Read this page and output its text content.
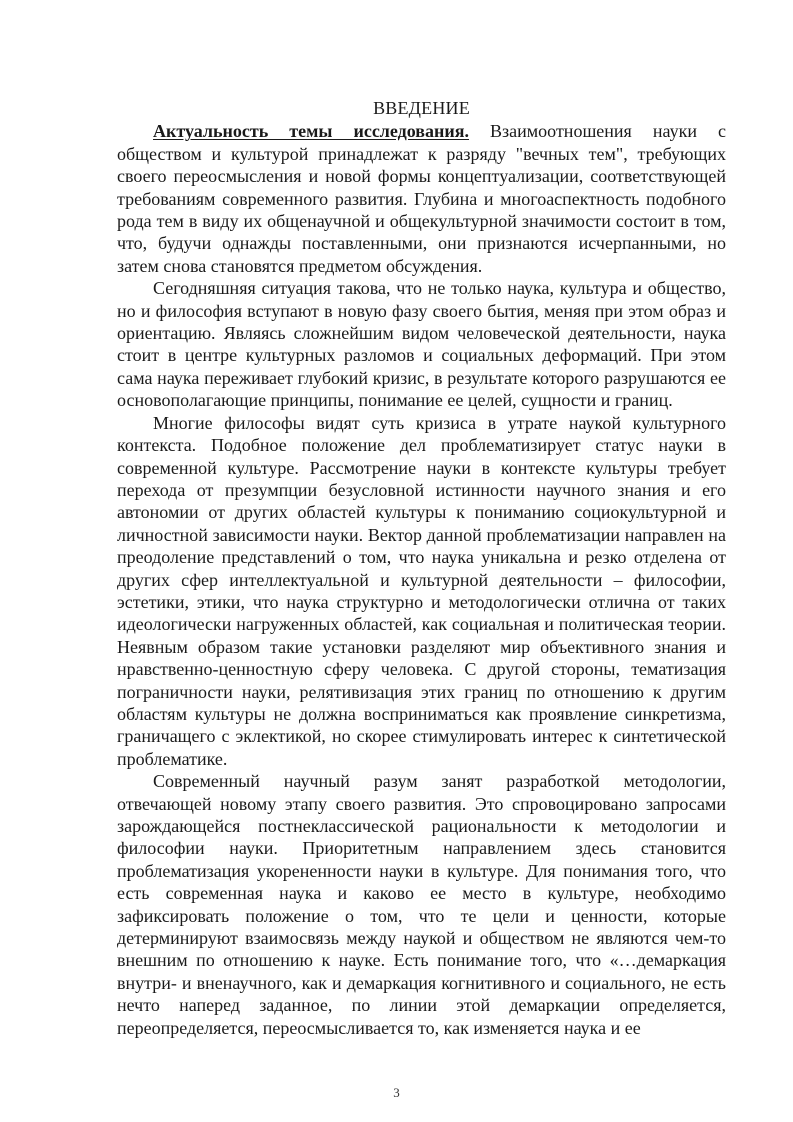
ВВЕДЕНИЕ

Актуальность темы исследования. Взаимоотношения науки с обществом и культурой принадлежат к разряду "вечных тем", требующих своего переосмысления и новой формы концептуализации, соответствующей требованиям современного развития. Глубина и многоаспектность подобного рода тем в виду их общенаучной и общекультурной значимости состоит в том, что, будучи однажды поставленными, они признаются исчерпанными, но затем снова становятся предметом обсуждения.

Сегодняшняя ситуация такова, что не только наука, культура и общество, но и философия вступают в новую фазу своего бытия, меняя при этом образ и ориентацию. Являясь сложнейшим видом человеческой деятельности, наука стоит в центре культурных разломов и социальных деформаций. При этом сама наука переживает глубокий кризис, в результате которого разрушаются ее основополагающие принципы, понимание ее целей, сущности и границ.

Многие философы видят суть кризиса в утрате наукой культурного контекста. Подобное положение дел проблематизирует статус науки в современной культуре. Рассмотрение науки в контексте культуры требует перехода от презумпции безусловной истинности научного знания и его автономии от других областей культуры к пониманию социокультурной и личностной зависимости науки. Вектор данной проблематизации направлен на преодоление представлений о том, что наука уникальна и резко отделена от других сфер интеллектуальной и культурной деятельности – философии, эстетики, этики, что наука структурно и методологически отлична от таких идеологически нагруженных областей, как социальная и политическая теории. Неявным образом такие установки разделяют мир объективного знания и нравственно-ценностную сферу человека. С другой стороны, тематизация пограничности науки, релятивизация этих границ по отношению к другим областям культуры не должна восприниматься как проявление синкретизма, граничащего с эклектикой, но скорее стимулировать интерес к синтетической проблематике.

Современный научный разум занят разработкой методологии, отвечающей новому этапу своего развития. Это спровоцировано запросами зарождающейся постнеклассической рациональности к методологии и философии науки. Приоритетным направлением здесь становится проблематизация укорененности науки в культуре. Для понимания того, что есть современная наука и каково ее место в культуре, необходимо зафиксировать положение о том, что те цели и ценности, которые детерминируют взаимосвязь между наукой и обществом не являются чем-то внешним по отношению к науке. Есть понимание того, что «…демаркация внутри- и вненаучного, как и демаркация когнитивного и социального, не есть нечто наперед заданное, по линии этой демаркации определяется, переопределяется, переосмысливается то, как изменяется наука и ее

3
